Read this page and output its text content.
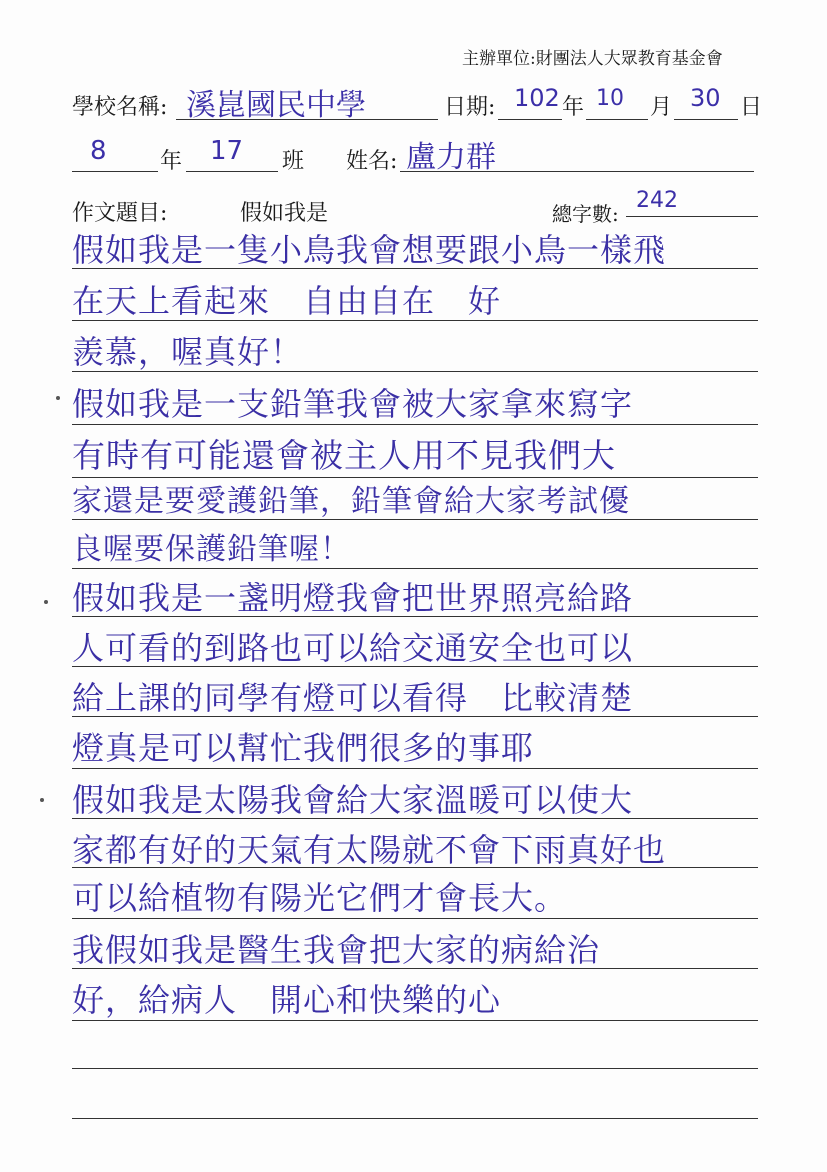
主辦單位:財團法人大眾教育基金會
學校名稱: 溪崑國民中學	日期: 102 年 10 月 30 日
8 年 17 班 姓名: 盧力群
作文題目:	假如我是	總字數:
242
假如我是一隻小鳥我會想要跟小鳥一樣飛
在天上看起來　自由自在　好
羨慕，喔真好！
假如我是一支鉛筆我會被大家拿來寫字
有時有可能還會被主人用不見我們大
家還是要愛護鉛筆，鉛筆會給大家考試優
良喔要保護鉛筆喔！
假如我是一盞明燈我會把世界照亮給路
人可看的到路也可以給交通安全也可以
給上課的同學有燈可以看得　比較清楚
燈真是可以幫忙我們很多的事耶
假如我是太陽我會給大家溫暖可以使大
家都有好的天氣有太陽就不會下雨真好也
可以給植物有陽光它們才會長大。
我假如我是醫生我會把大家的病給治
好，給病人　開心和快樂的心
